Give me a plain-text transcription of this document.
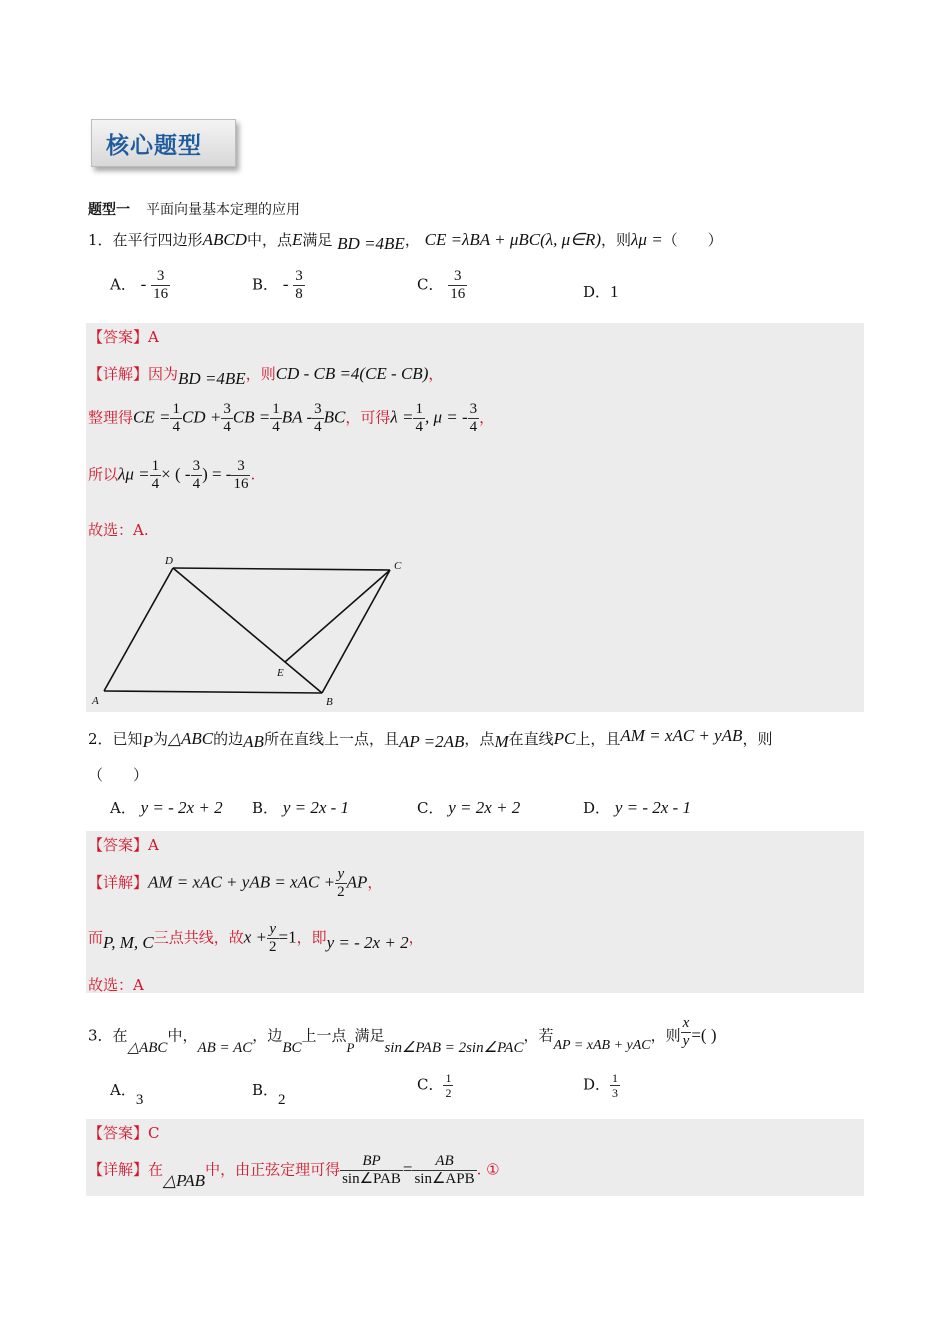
核心题型
题型一 平面向量基本定理的应用
1．在平行四边形ABCD中，点E满足 BD =4BE， CE =λBA + μBC(λ, μ∈R)，则λμ =（　　）
A． - $\frac{3}{16}$	B． - $\frac{3}{8}$	C． $\frac{3}{16}$	D．1
【答案】A
【详解】因为BD =4BE，则CD - CB =4(CE - CB)，
整理得CE = $\frac{1}{4}$ CD + $\frac{3}{4}$ CB = $\frac{1}{4}$ BA - $\frac{3}{4}$ BC，可得$\lambda = \frac{1}{4}$ , μ = - $\frac{3}{4}$ ，
所以$\lambda\mu = \frac{1}{4}$ × ( - $\frac{3}{4}$ ) = - $\frac{3}{16}$ .
故选：A.
A	B
C
D
E
2．已知P为△ABC的边AB所在直线上一点，且AP =2AB，点M在直线PC上，且AM = xAC + yAB，则
（　　）
A． y = - 2x + 2 B． y = 2x - 1	C． y = 2x + 2	D． y = - 2x - 1
【答案】A
【详解】AM = xAC + yAB = xAC + $\frac{y}{2}$ AP，
而P, M, C三点共线，故$x + \frac{y}{2} =1$，即y = - 2x + 2，
故选：A
3．在△ABC中，AB = AC，边BC上一点P满足sin∠PAB = 2sin∠PAC，若AP = xAB + yAC，则 $\frac{x}{y}$ =( )
A．3
B．2
C． $\frac{1}{2}$	D． $\frac{1}{3}$
【答案】C
【详解】在△PAB中，由正弦定理可得 $\frac{BP}{\text{sin∠PAB}} = \frac{AB}{\text{sin∠APB}}$ . ①
